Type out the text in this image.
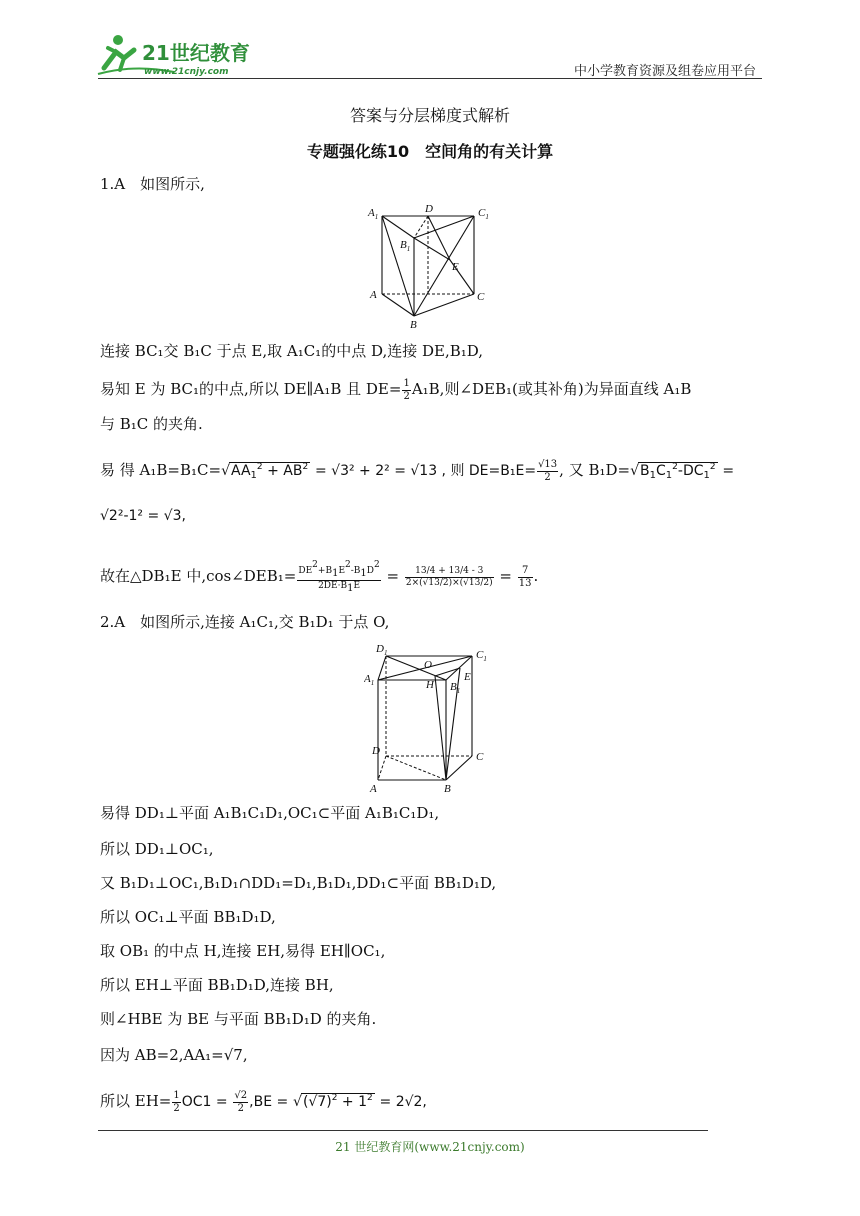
21世纪教育
www.21cnjy.com	中小学教育资源及组卷应用平台
答案与分层梯度式解析
专题强化练10　空间角的有关计算
1.A　如图所示,
$A_1$
D	$C_1$
$B_1$
E
A	C
B
连接 BC₁交 B₁C 于点 E,取 A₁C₁的中点 D,连接 DE,B₁D,
易知 E 为 BC₁的中点,所以 DE∥A₁B 且 $DE= \frac{1}{2} A_1B$,则∠DEB₁(或其补角)为异面直线 A₁B
与 B₁C 的夹角.
易 得 $A_1B=B_1C=√AA_1^2 + AB^2 = √3^2 + 2^2 = √13$ , 则 $DE=B_1E= \frac{√13}{2}$ , 又 $B_1D=√B_1C_1^2-DC_1^2$ =
√2²-1² = √3,
故在△DB₁E 中,cos∠DEB₁= $\frac{DE^2+B_1E^2-B_1D^2}{2DE\cdot B_1E} = \frac{13/4 + 13/4 - 3}{2\times(√13/2)\times(√13/2)} = \frac{7}{13}$ .
2.A　如图所示,连接 A₁C₁,交 B₁D₁ 于点 O,
$D_1$	$C_1$
O
$A_1$	H $B_1$
E
D	C
A	B
易得 DD₁⊥平面 A₁B₁C₁D₁,OC₁⊂平面 A₁B₁C₁D₁,
所以 DD₁⊥OC₁,
又 B₁D₁⊥OC₁,B₁D₁∩DD₁=D₁,B₁D₁,DD₁⊂平面 BB₁D₁D,
所以 OC₁⊥平面 BB₁D₁D,
取 OB₁ 的中点 H,连接 EH,易得 EH∥OC₁,
所以 EH⊥平面 BB₁D₁D,连接 BH,
则∠HBE 为 BE 与平面 BB₁D₁D 的夹角.
因为 AB=2,AA₁=√7,
所以 $EH= \frac{1}{2} OC1 = \frac{√2}{2} ,BE = √(√7)^2 + 1^2 = 2√2$,
21 世纪教育网(www.21cnjy.com)
